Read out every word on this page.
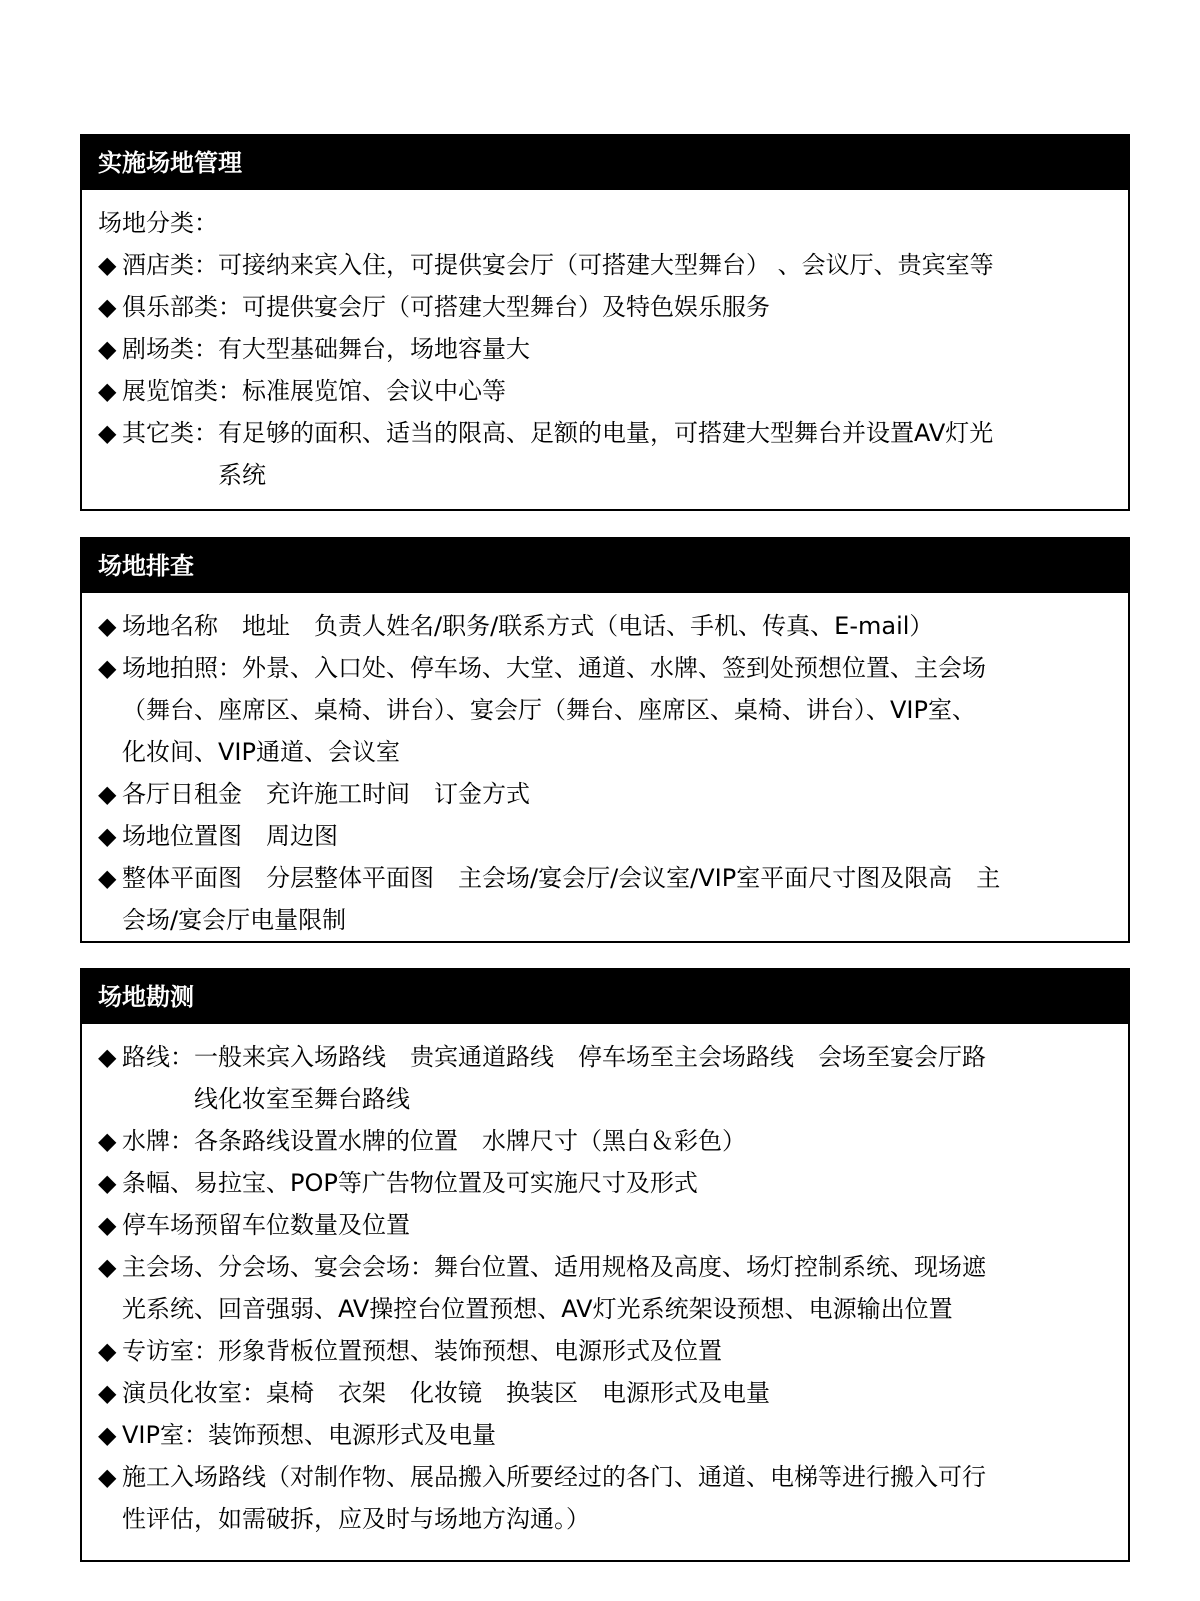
实施场地管理
场地分类：
◆ 酒店类： 可接纳来宾入住，可提供宴会厅（可搭建大型舞台） 、会议厅、贵宾室等
◆ 俱乐部类： 可提供宴会厅（可搭建大型舞台）及特色娱乐服务
◆ 剧场类： 有大型基础舞台，场地容量大
◆ 展览馆类： 标准展览馆、会议中心等
◆ 其它类： 有足够的面积、适当的限高、足额的电量，可搭建大型舞台并设置AV灯光
系统
场地排查
◆ 场地名称　地址　负责人姓名/职务/联系方式（电话、手机、传真、E-mail）
◆ 场地拍照：外景、入口处、停车场、大堂、通道、水牌、签到处预想位置、主会场
（舞台、座席区、桌椅、讲台）、宴会厅（舞台、座席区、桌椅、讲台）、VIP室、
化妆间、VIP通道、会议室
◆ 各厅日租金　充许施工时间　订金方式
◆ 场地位置图　周边图
◆ 整体平面图　分层整体平面图　主会场/宴会厅/会议室/VIP室平面尺寸图及限高　主
会场/宴会厅电量限制
场地勘测
◆ 路线： 一般来宾入场路线　贵宾通道路线　停车场至主会场路线　会场至宴会厅路
线化妆室至舞台路线
◆ 水牌：各条路线设置水牌的位置　水牌尺寸（黑白＆彩色）
◆ 条幅、易拉宝、POP等广告物位置及可实施尺寸及形式
◆ 停车场预留车位数量及位置
◆ 主会场、分会场、宴会会场：舞台位置、适用规格及高度、场灯控制系统、现场遮
光系统、回音强弱、AV操控台位置预想、AV灯光系统架设预想、电源输出位置
◆ 专访室：形象背板位置预想、装饰预想、电源形式及位置
◆ 演员化妆室：桌椅　衣架　化妆镜　换装区　电源形式及电量
◆ VIP室：装饰预想、电源形式及电量
◆ 施工入场路线（对制作物、展品搬入所要经过的各门、通道、电梯等进行搬入可行
性评估，如需破拆，应及时与场地方沟通。）
